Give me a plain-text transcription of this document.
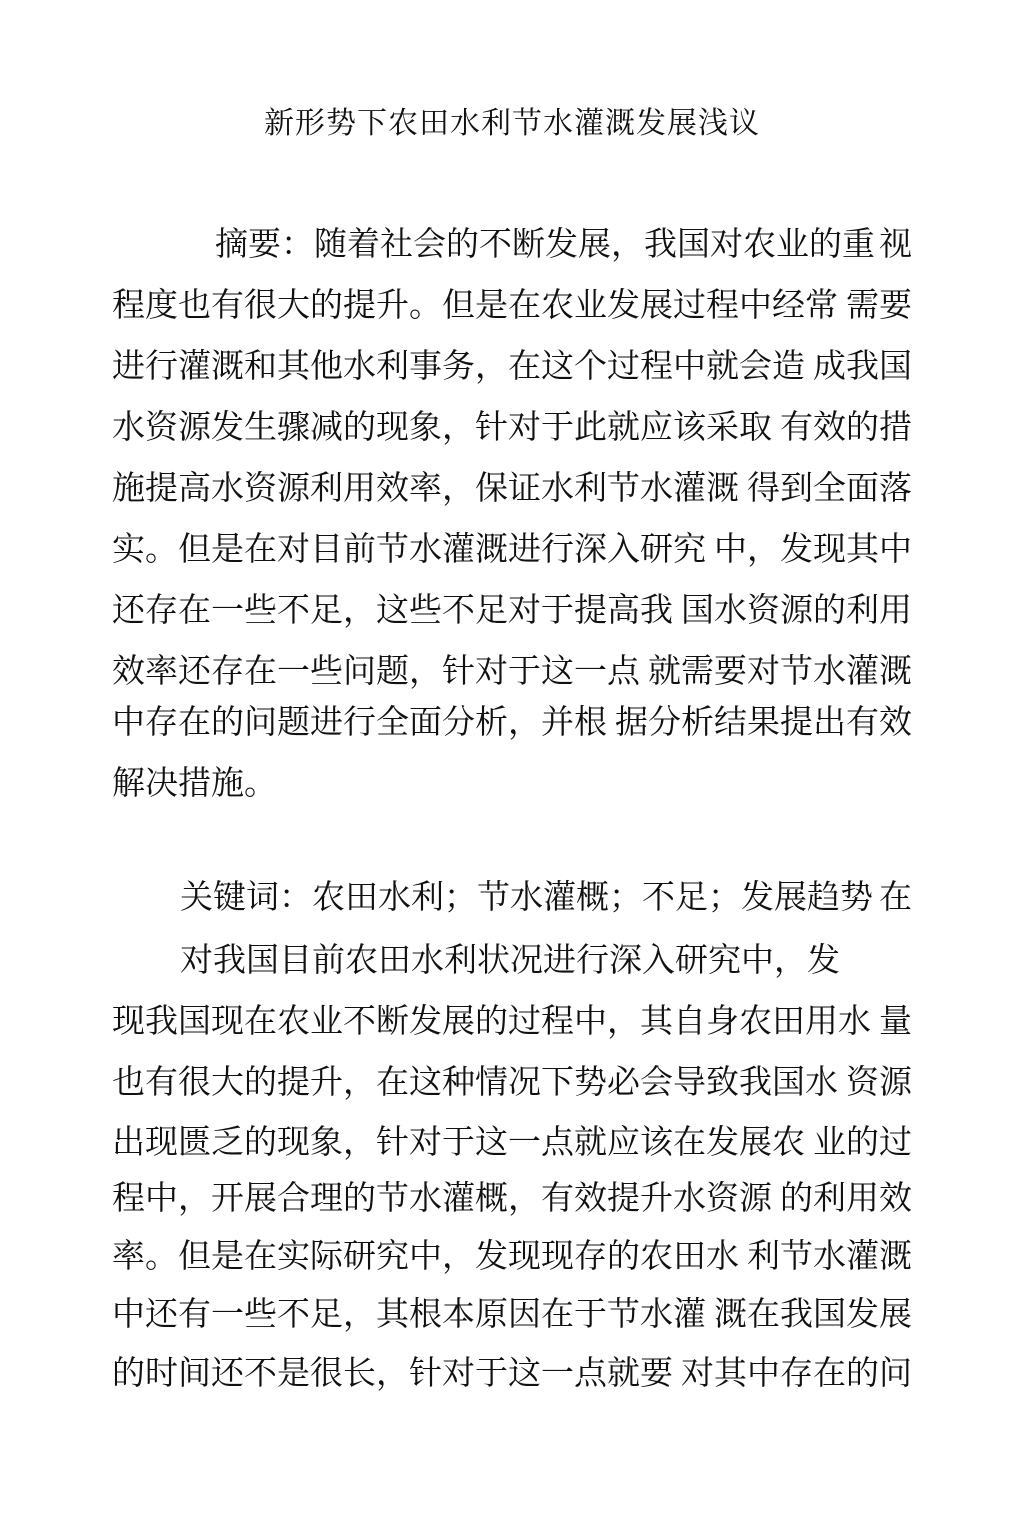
新形势下农田水利节水灌溉发展浅议
摘要：随着社会的不断发展，我国对农业的重 视
程度也有很大的提升。但是在农业发展过程中经常 需要
进行灌溉和其他水利事务，在这个过程中就会造 成我国
水资源发生骤减的现象，针对于此就应该采取 有效的措
施提高水资源利用效率，保证水利节水灌溉 得到全面落
实。但是在对目前节水灌溉进行深入研究 中，发现其中
还存在一些不足，这些不足对于提高我 国水资源的利用
效率还存在一些问题，针对于这一点 就需要对节水灌溉
中存在的问题进行全面分析，并根 据分析结果提出有效
解决措施。
关键词：农田水利；节水灌概；不足；发展趋势 在
对我国目前农田水利状况进行深入研究中，发
现我国现在农业不断发展的过程中，其自身农田用水 量
也有很大的提升，在这种情况下势必会导致我国水 资源
出现匮乏的现象，针对于这一点就应该在发展农 业的过
程中，开展合理的节水灌概，有效提升水资源 的利用效
率。但是在实际研究中，发现现存的农田水 利节水灌溉
中还有一些不足，其根本原因在于节水灌 溉在我国发展
的时间还不是很长，针对于这一点就要 对其中存在的问
